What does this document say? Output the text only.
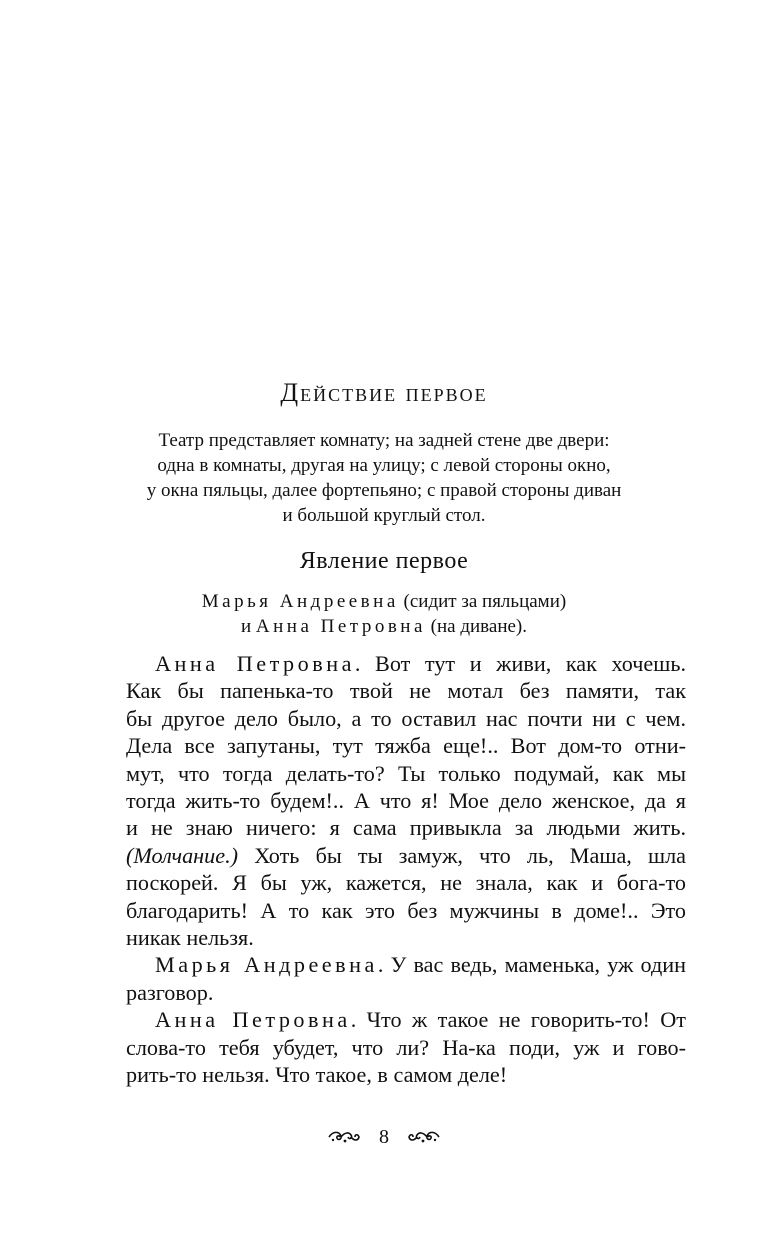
Действие первое
Театр представляет комнату; на задней стене две двери:
одна в комнаты, другая на улицу; с левой стороны окно,
у окна пяльцы, далее фортепьяно; с правой стороны диван
и большой круглый стол.
Явление первое
Марья Андреевна (сидит за пяльцами)
и Анна Петровна (на диване).
Анна Петровна. Вот тут и живи, как хочешь.
Как бы папенька-то твой не мотал без памяти, так
бы другое дело было, а то оставил нас почти ни с чем.
Дела все запутаны, тут тяжба еще!.. Вот дом-то отни-
мут, что тогда делать-то? Ты только подумай, как мы
тогда жить-то будем!.. А что я! Мое дело женское, да я
и не знаю ничего: я сама привыкла за людьми жить.
(Молчание.) Хоть бы ты замуж, что ль, Маша, шла
поскорей. Я бы уж, кажется, не знала, как и бога-то
благодарить! А то как это без мужчины в доме!.. Это
никак нельзя.
Марья Андреевна. У вас ведь, маменька, уж один
разговор.
Анна Петровна. Что ж такое не говорить-то! От
слова-то тебя убудет, что ли? На-ка поди, уж и гово-
рить-то нельзя. Что такое, в самом деле!
8
